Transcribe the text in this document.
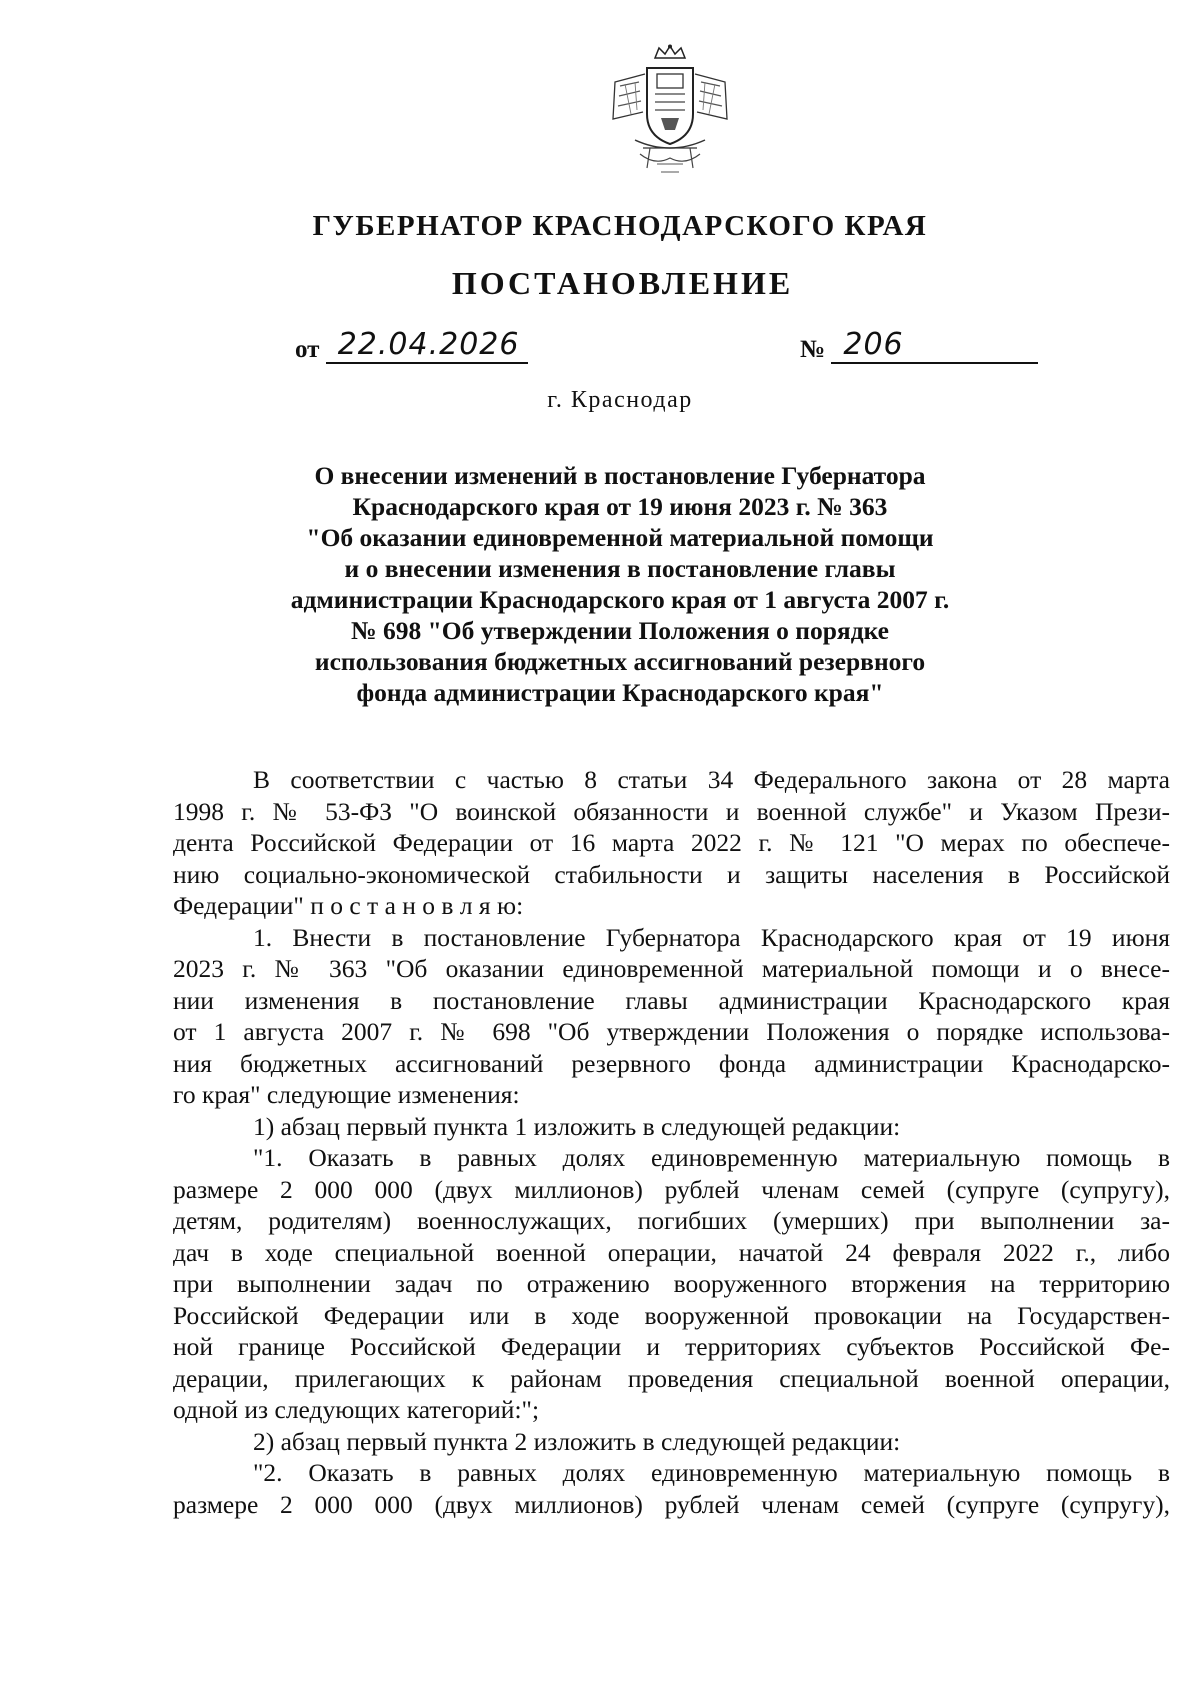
ГУБЕРНАТОР КРАСНОДАРСКОГО КРАЯ
ПОСТАНОВЛЕНИЕ
от 22.04.2026	№ 206
г. Краснодар
О внесении изменений в постановление Губернатора
Краснодарского края от 19 июня 2023 г. № 363
"Об оказании единовременной материальной помощи
и о внесении изменения в постановление главы
администрации Краснодарского края от 1 августа 2007 г.
№ 698 "Об утверждении Положения о порядке
использования бюджетных ассигнований резервного
фонда администрации Краснодарского края"
В соответствии с частью 8 статьи 34 Федерального закона от 28 марта
1998 г. № 53-ФЗ "О воинской обязанности и военной службе" и Указом Прези-
дента Российской Федерации от 16 марта 2022 г. № 121 "О мерах по обеспече-
нию социально-экономической стабильности и защиты населения в Российской
Федерации" п о с т а н о в л я ю:
1. Внести в постановление Губернатора Краснодарского края от 19 июня
2023 г. № 363 "Об оказании единовременной материальной помощи и о внесе-
нии изменения в постановление главы администрации Краснодарского края
от 1 августа 2007 г. № 698 "Об утверждении Положения о порядке использова-
ния бюджетных ассигнований резервного фонда администрации Краснодарско-
го края" следующие изменения:
1) абзац первый пункта 1 изложить в следующей редакции:
"1. Оказать в равных долях единовременную материальную помощь в
размере 2 000 000 (двух миллионов) рублей членам семей (супруге (супругу),
детям, родителям) военнослужащих, погибших (умерших) при выполнении за-
дач в ходе специальной военной операции, начатой 24 февраля 2022 г., либо
при выполнении задач по отражению вооруженного вторжения на территорию
Российской Федерации или в ходе вооруженной провокации на Государствен-
ной границе Российской Федерации и территориях субъектов Российской Фе-
дерации, прилегающих к районам проведения специальной военной операции,
одной из следующих категорий:";
2) абзац первый пункта 2 изложить в следующей редакции:
"2. Оказать в равных долях единовременную материальную помощь в
размере 2 000 000 (двух миллионов) рублей членам семей (супруге (супругу),
